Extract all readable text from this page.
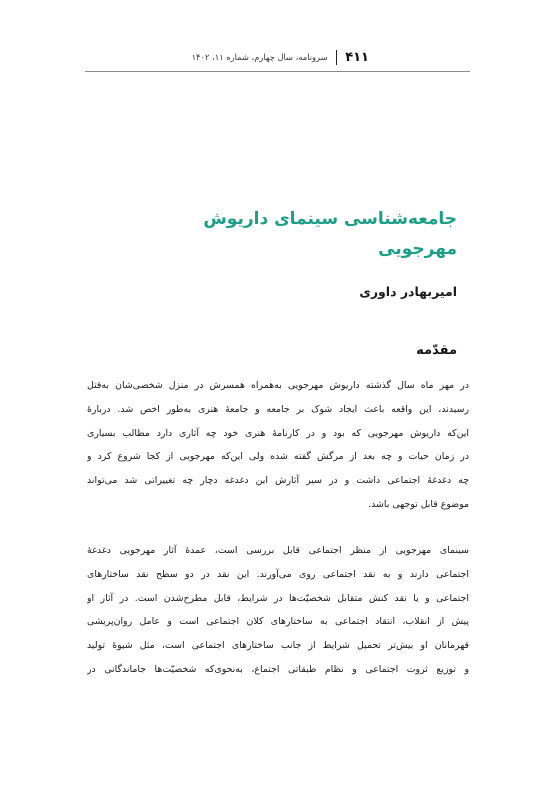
۴۱۱
سرونامه، سال چهارم، شماره ۱۱، ۱۴۰۲
جامعه‌شناسی سینمای داریوش
مهرجویی
امیربهادر داوری
مقدّمه
در مهر ماه سال گذشته داریوش مهرجویی به‌همراه همسرش در منزل شخصی‌شان به‌قتل
رسیدند، این واقعه باعث ایجاد شوک بر جامعه و جامعهٔ هنری به‌طور اخص شد. دربارهٔ
این‌که داریوش مهرجویی که بود و در کارنامهٔ هنری خود چه آثاری دارد مطالب بسیاری
در زمان حیات و چه بعد از مرگش گفته شده ولی این‌که مهرجویی از کجا شروع کرد و
چه دغدغهٔ اجتماعی داشت و در سیر آثارش این دغدغه دچار چه تغییراتی شد می‌تواند
موضوع قابل توجهی باشد.
سینمای مهرجویی از منظر اجتماعی قابل بررسی است، عمدهٔ آثار مهرجویی دغدغهٔ
اجتماعی دارند و به نقد اجتماعی روی می‌آورند. این نقد در دو سطح نقد ساختارهای
اجتماعی و یا نقد کنش متقابل شخصیّت‌ها در شرایط، قابل مطرح‌شدن است. در آثار او
پیش از انقلاب، انتقاد اجتماعی به ساختارهای کلان اجتماعی است و عامل روان‌پریشی
قهرمانان او بیش‌تر تحمیل شرایط از جانب ساختارهای اجتماعی است، مثل شیوهٔ تولید
و توزیع ثروت اجتماعی و نظام طبقاتی اجتماع، به‌نحوی‌که شخصیّت‌ها جاماندگانی در
